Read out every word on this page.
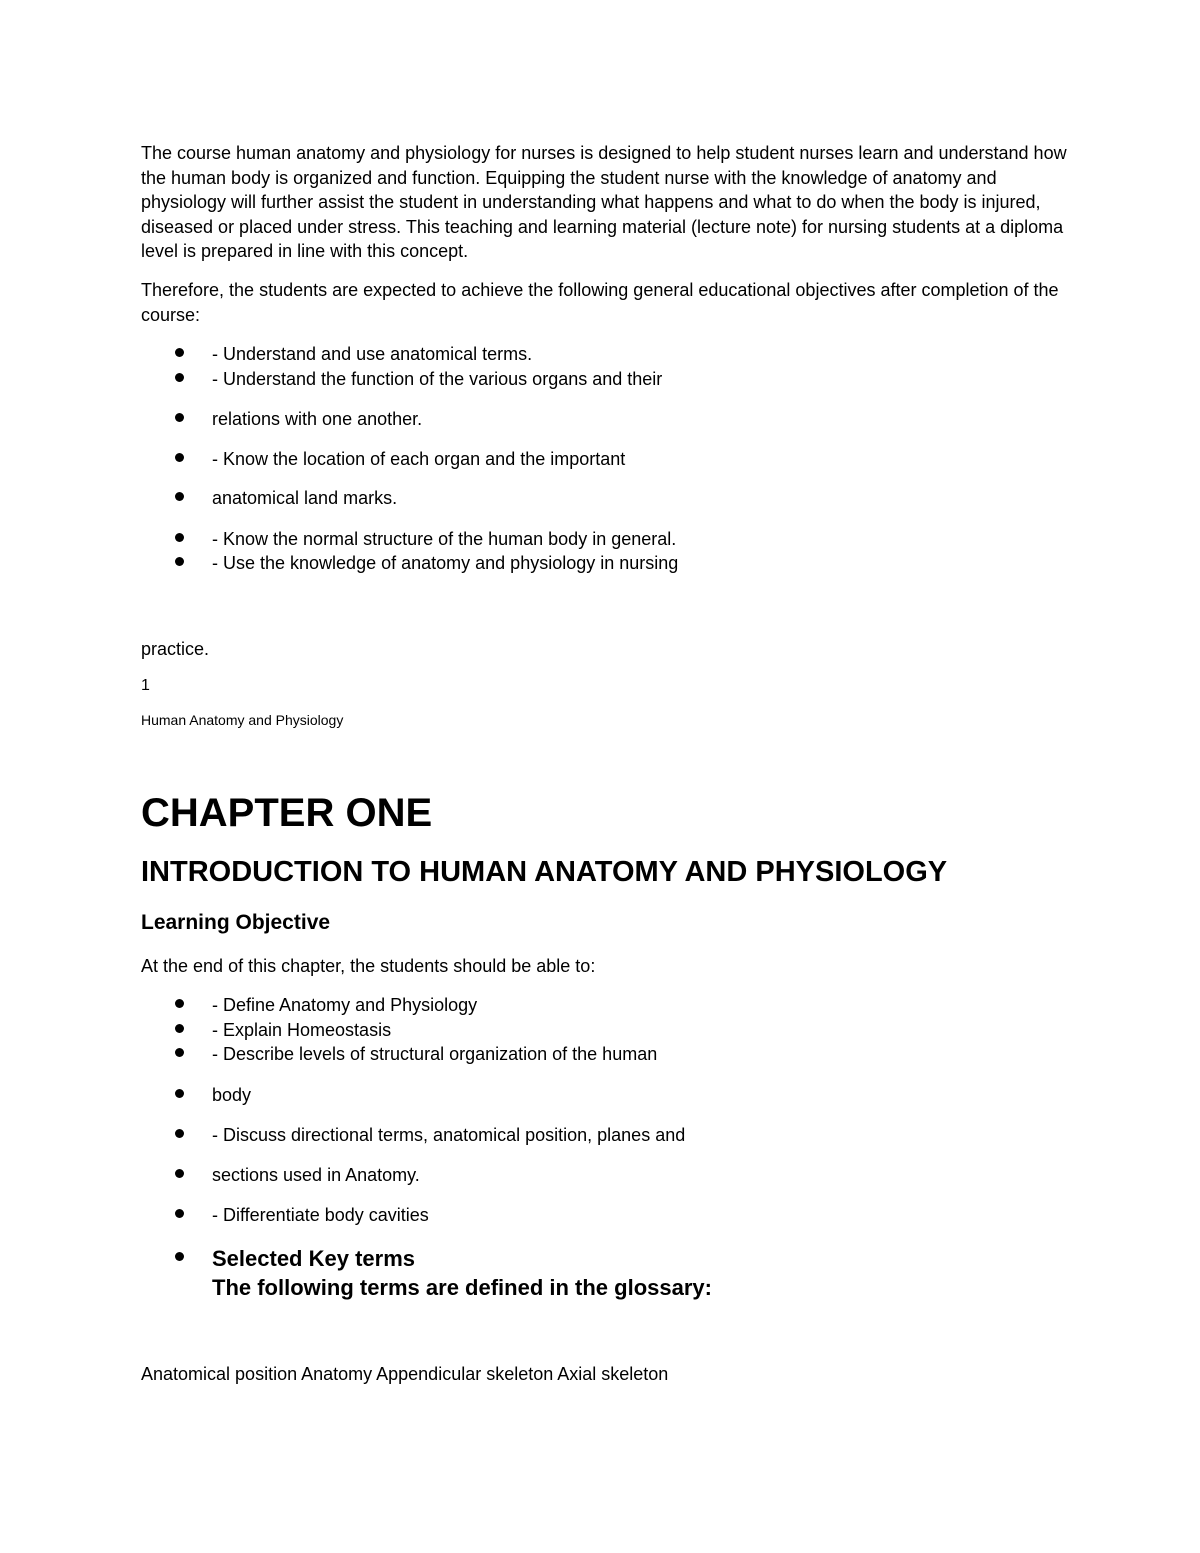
The course human anatomy and physiology for nurses is designed to help student nurses learn and understand how the human body is organized and function. Equipping the student nurse with the knowledge of anatomy and physiology will further assist the student in understanding what happens and what to do when the body is injured, diseased or placed under stress. This teaching and learning material (lecture note) for nursing students at a diploma level is prepared in line with this concept.

Therefore, the students are expected to achieve the following general educational objectives after completion of the course:

- Understand and use anatomical terms.
- Understand the function of the various organs and their
relations with one another.
- Know the location of each organ and the important
anatomical land marks.
- Know the normal structure of the human body in general.
- Use the knowledge of anatomy and physiology in nursing
practice.
1
Human Anatomy and Physiology
CHAPTER ONE
INTRODUCTION TO HUMAN ANATOMY AND PHYSIOLOGY
Learning Objective
At the end of this chapter, the students should be able to:
- Define Anatomy and Physiology
- Explain Homeostasis
- Describe levels of structural organization of the human
body
- Discuss directional terms, anatomical position, planes and
sections used in Anatomy.
- Differentiate body cavities
Selected Key terms
The following terms are defined in the glossary:
Anatomical position Anatomy Appendicular skeleton Axial skeleton
